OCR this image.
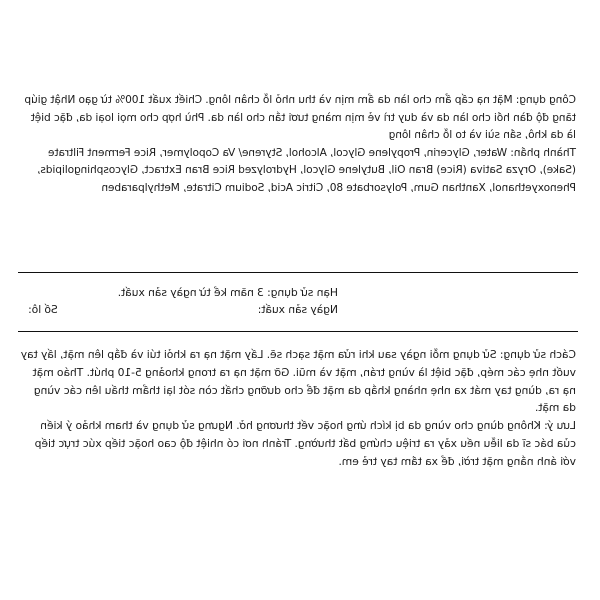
Công dụng: Mặt nạ cấp ẩm cho làn da ẩm mịn và thu nhỏ lỗ chân lông. Chiết xuất 100% từ gạo Nhật giúp tăng độ đàn hồi cho làn da và duy trì vẻ mịn màng tươi tắn cho làn da. Phù hợp cho mọi loại da, đặc biệt là da khô, sần sùi và to lỗ chân lông

Thành phần: Water, Glycerin, Propylene Glycol, Alcohol, Styrene/ Va Copolymer, Rice Ferment Filtrate (Sake), Oryza Sativa (Rice) Bran Oil, Butylene Glycol, Hydrolyzed Rice Bran Extract, Glycosphingolipids, Phenoxyethanol, Xanthan Gum, Polysorbate 80, Citric Acid, Sodium Citrate, Methylparaben

Hạn sử dụng: 3 năm kể từ ngày sản xuất.

Ngày sản xuất:
Số lô:

Cách sử dụng: Sử dụng mỗi ngày sau khi rửa mặt sạch sẽ. Lấy mặt nạ ra khỏi túi và đắp lên mặt, lấy tay vuốt nhẹ các mép, đặc biệt là vùng trán, mặt và mũi. Gỡ mặt nạ ra trong khoảng 5-10 phút. Tháo mặt nạ ra, dùng tay mát xa nhẹ nhàng khắp da mặt để cho dưỡng chất còn sót lại thẩm thấu lên các vùng da mặt.

Lưu ý: Không dùng cho vùng da bị kích ứng hoặc vết thương hở. Ngưng sử dụng và tham khảo ý kiến của bác sĩ da liễu nếu xảy ra triệu chứng bất thường. Tránh nơi có nhiệt độ cao hoặc tiếp xúc trực tiếp với ánh nắng mặt trời, để xa tầm tay trẻ em.
